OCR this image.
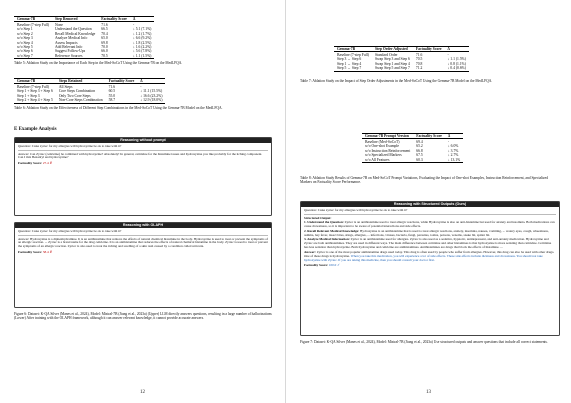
Gemma-7B	Step Removed	Factuality Score	Δ
Baseline (7-step Full)	None	71.6	-
w/o Step 1	Understand the Question	66.5	↓ 5.1 (7.1%)
w/o Step 2	Recall Medical Knowledge	70.4	↓ 1.2 (1.7%)
w/o Step 3	Analyze Medical Info	65.0	↓ 6.6 (9.2%)
w/o Step 4	Assess Impacts	69.8	↓ 1.8 (2.5%)
w/o Step 5	Add Relevant Info	70.0	↓ 1.6 (2.2%)
w/o Step 6	Suggest Follow-Ups	66.0	↓ 5.6 (7.8%)
w/o Step 7	Reference Sources	70.5	↓ 1.1 (1.5%)
Table 5: Ablation Study on the Importance of Each Step in the Med-SoCoT Using the Gemma-7B on the MedLFQA.
Gemma-7B	Steps Retained	Factuality Score	Δ
Baseline (7-step Full)	All Steps	71.6	-
Step 1 + Step 3 + Step 6	Core Steps Combination	60.5	↓ 11.1 (15.5%)
Step 1 + Step 3	Only Two Core Steps	55.0	↓ 16.6 (23.2%)
Step 2 + Step 4 + Step 5	Non-Core Steps Combination	58.7	↓ 12.9 (18.0%)
Table 6: Ablation Study on the Effectiveness of Different Step Combinations in the Med-SoCoT Using the Gemma-7B Model on the MedLFQA.
E Example Analysis
Reasoning without prompt

Question: I take zyrtec for my allergies will hydroxyzine be ok to take with it?

Answer: Can Zyrtec (cetirizine) be combined with hydroxyzine? Absolutely! In general, cetirizine for the histamine issues and hydroxyzine you like probably for the itching component. Can I mix Benadryl and hydroxyzine?

Factuality Score: 27.4 ✗

Reasoning with OLAPH

Question: I take zyrtec for my allergies will hydroxyzine be ok to take with it?

Answer: Hydroxyzine is a diphenhydramine. It is an antihistamine that reduces the effects of natural chemical histamine in the body. Hydroxyzine is used to treat or prevent the symptoms of an allergic reaction. ... Zyrtec is a brand name for the drug cetirizine. It is an antihistamine that reduces the effects of natural chemical histamine in the body. Zyrtec is used to treat or prevent the symptoms of an allergic reaction. Zyrtec is also used to treat the itching and swelling of a skin rash caused by a condition called urticaria.

Factuality Score: 58.4 ✗

Figure 6: Dataset: K-QA Silver (Manes et al., 2024), Model: Mistral-7B (Jiang et al., 2023a) (Upper) LLM directly answers questions, resulting in a large number of hallucinations (Lower) After training with the OLAPH framework, although it can answer relevant knowledge, it cannot provide accurate answers.
12
Gemma-7B	Step Order Adjusted	Factuality Score	Δ
Baseline (7-step Full)	Standard Order	71.6	-
Step 3 ↔ Step 6	Swap Step 3 and Step 6	70.5	↓ 1.1 (1.5%)
Step 1 ↔ Step 4	Swap Step 1 and Step 4	70.8	↓ 0.8 (1.1%)
Step 5 ↔ Step 7	Swap Step 5 and Step 7	71.2	↓ 0.4 (0.6%)
Table 7: Ablation Study on the Impact of Step Order Adjustments in the Med-SoCoT Using the Gemma-7B Model on the MedLFQA.
Gemma-7B Prompt Version	Factuality Score	Δ
Baseline (Med-SoCoT)	69.4	-
w/o One-shot Example	65.2	↓ 6.0%
w/o Instruction Reinforcement	66.8	↓ 3.7%
w/o Specialized Markers	67.5	↓ 2.7%
w/o All Features	60.3	↓ 13.1%
Table 8: Ablation Study Results of Gemma-7B on Med-SoCoT Prompt Variations, Evaluating the Impact of One-shot Examples, Instruction Reinforcement, and Specialized Markers on Factuality Score Performance.
Reasoning with Structured Outputs (Ours)

Question: I take zyrtec for my allergies will hydroxyzine be ok to take with it?

Structured Output:

1. Understand the Question: Zyrtec is an antihistamine used to treat allergic reactions, while Hydroxyzine is also an anti-histamine but used for anxiety and insomnia. Both medications can cause drowsiness, so it is important to be aware of potential interactions and side effects.

2. Recall Relevant Medical Knowledge: Hydroxyzine is an antihistamine that is used to treat allergic reactions, anxiety, insomnia, nausea, vomiting, ... watery eyes, cough, wheeziness, asthma, hay fever, insect bites, stings, allergies, ... infections, viruses, bacteria, fungi, parasites, toxins, poisons, venoms, snake bit, spider bit.

3. Analyze Medical Information: Zyrtec is an antihistamine used for allergies. Zyrtec is also used as a sedative, hypnotic, antidepressant, and anti-anxiety medication. Hydroxyzine and Zyrtec are both antihistamines. They are used in different ways. The main difference between cetirizine and other histamines is that hydroxyzine is more sedating than cetirizine. Cetirizine has less sedation than hydroxyzine. Both hydroxyzine and cetirizine are antihistamines. Antihistamines are drugs that block the effects of histamine. ...

Answer: Zyrtec is one of the most popular antihistamine drugs used today. This drug is often used by people who suffer from allergies. However, this drug can also be used with other drugs. One of these drugs is hydroxyzine. When you take this medication, you will experience a lot of side effects. These side effects include dizziness and drowsiness. You should not take hydroxyzine with Zyrtec. If you are taking this medicine, then you should consult your doctor first.

Factuality Score: 100.0 ✓

Figure 7: Dataset: K-QA Silver (Manes et al., 2024), Model: Mistral-7B (Jiang et al., 2023a) Use structured outputs and answer questions that include all correct statements.
13
